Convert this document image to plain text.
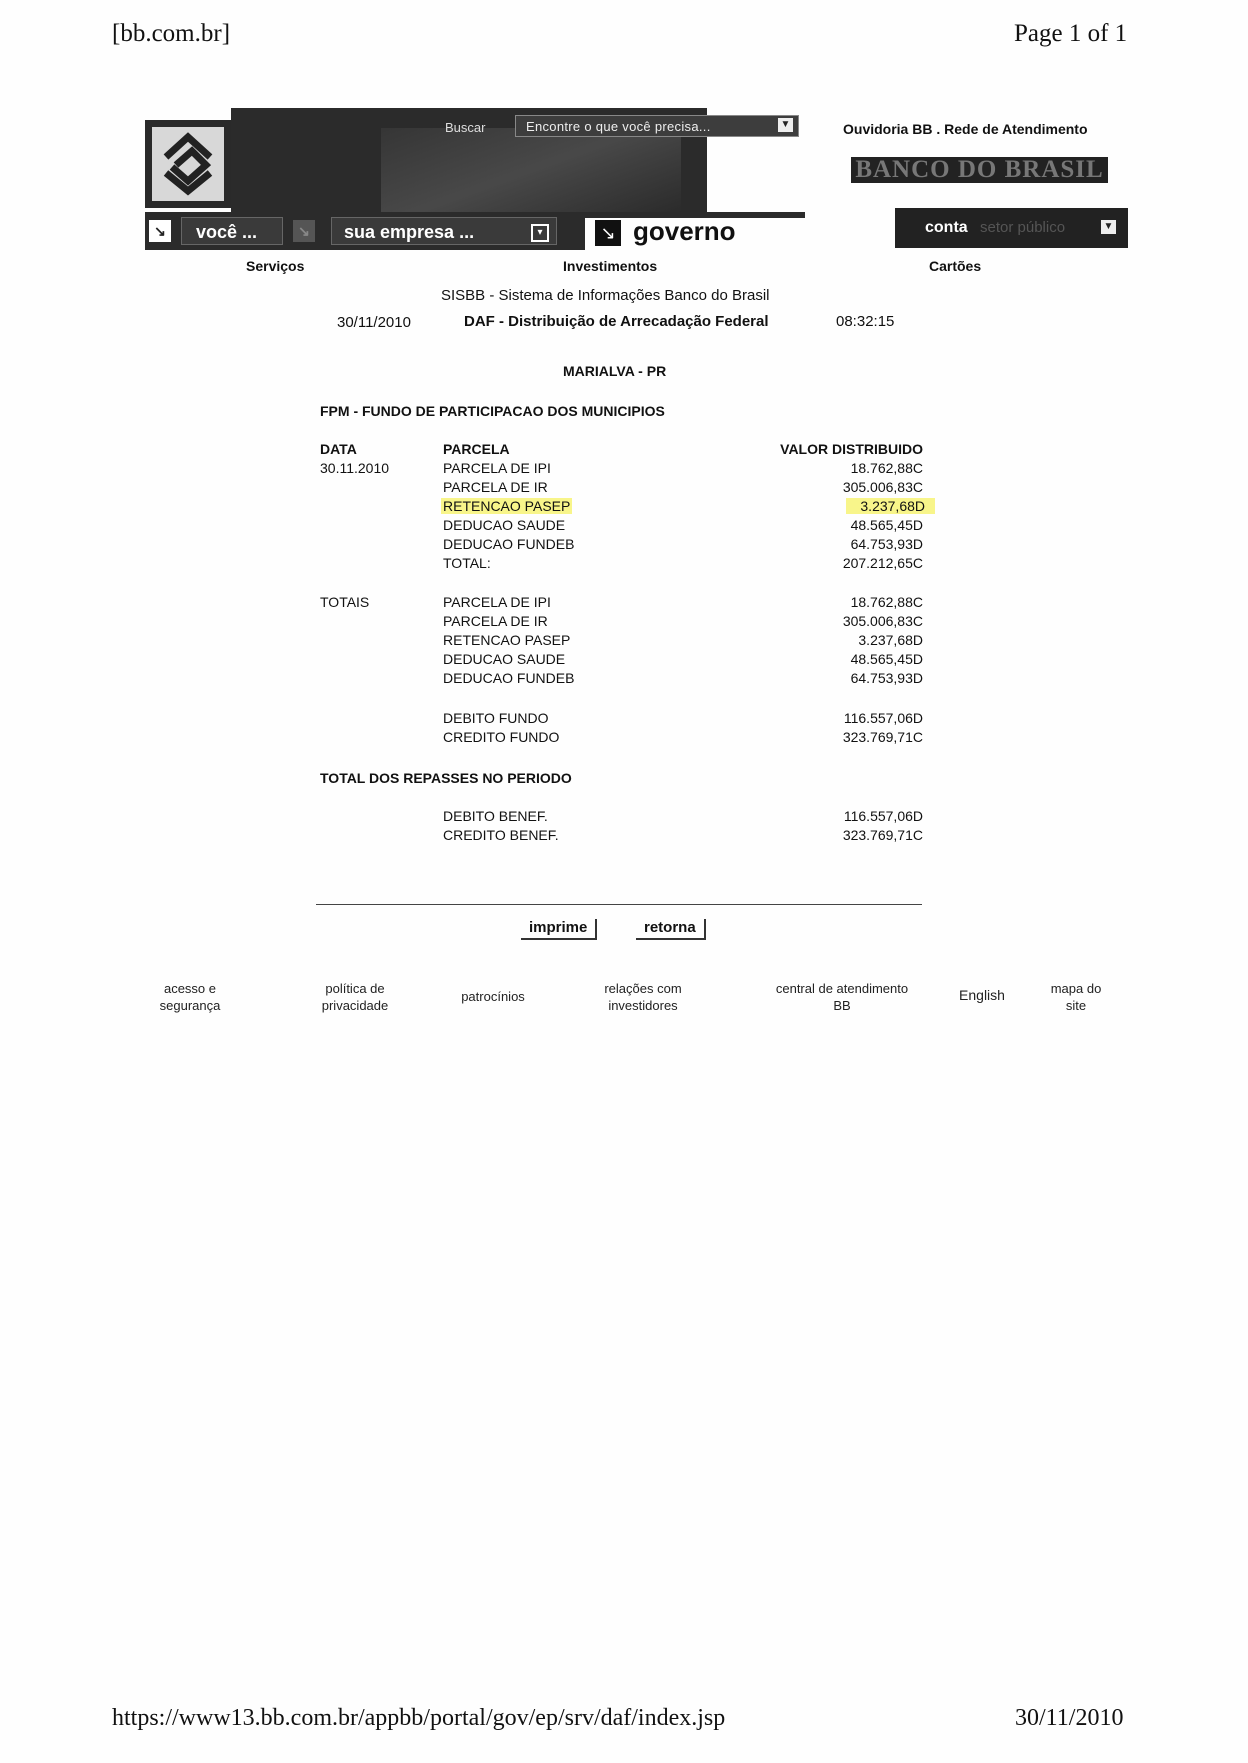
[bb.com.br]	Page 1 of 1
Buscar	Encontre o que você precisa...	▼
↘	você ...	↘	sua empresa ...	▾	↘ governo
Ouvidoria BB . Rede de Atendimento
BANCO DO BRASIL
conta setor público	▼
Serviços	Investimentos	Cartões
SISBB - Sistema de Informações Banco do Brasil
30/11/2010	DAF - Distribuição de Arrecadação Federal	08:32:15
MARIALVA - PR
FPM - FUNDO DE PARTICIPACAO DOS MUNICIPIOS
DATA	PARCELA	VALOR DISTRIBUIDO
30.11.2010	PARCELA DE IPI	18.762,88C
PARCELA DE IR	305.006,83C
RETENCAO PASEP	3.237,68D
DEDUCAO SAUDE	48.565,45D
DEDUCAO FUNDEB	64.753,93D
TOTAL:	207.212,65C
TOTAIS	PARCELA DE IPI	18.762,88C
PARCELA DE IR	305.006,83C
RETENCAO PASEP	3.237,68D
DEDUCAO SAUDE	48.565,45D
DEDUCAO FUNDEB	64.753,93D
DEBITO FUNDO	116.557,06D
CREDITO FUNDO	323.769,71C
TOTAL DOS REPASSES NO PERIODO
DEBITO BENEF.	116.557,06D
CREDITO BENEF.	323.769,71C
imprime	retorna
acesso e
segurança
política de
privacidade
patrocínios
relações com
investidores
central de atendimento
BB
English	mapa do
site
https://www13.bb.com.br/appbb/portal/gov/ep/srv/daf/index.jsp	30/11/2010
